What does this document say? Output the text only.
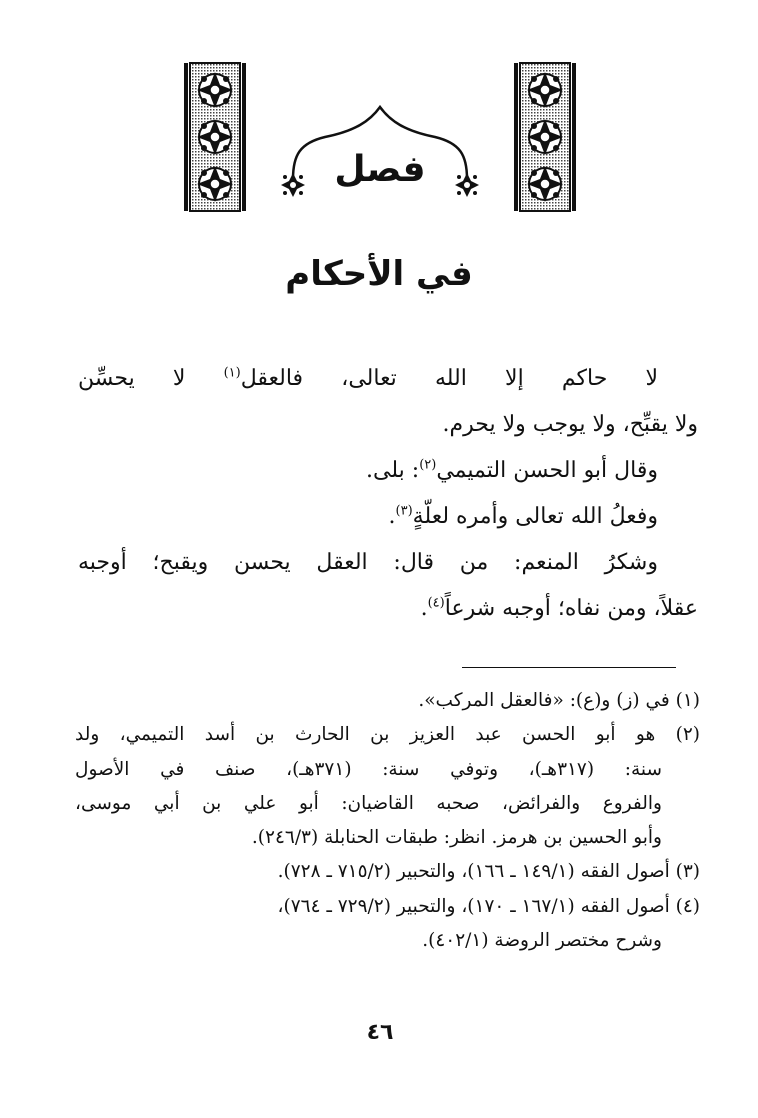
فصل
في الأحكام
لا حاكم إلا الله تعالى، فالعقل$^{(١)}$ لا يحسِّن
ولا يقبِّح، ولا يوجب ولا يحرم.
وقال أبو الحسن التميمي$^{(٢)}$: بلى.
وفعلُ الله تعالى وأمره لعلّةٍ$^{(٣)}$.
وشكرُ المنعم: من قال: العقل يحسن ويقبح؛ أوجبه
عقلاً، ومن نفاه؛ أوجبه شرعاً$^{(٤)}$.
(١) في (ز) و(ع): «فالعقل المركب».
(٢) هو أبو الحسن عبد العزيز بن الحارث بن أسد التميمي، ولد
سنة: (٣١٧هـ)، وتوفي سنة: (٣٧١هـ)، صنف في الأصول
والفروع والفرائض، صحبه القاضيان: أبو علي بن أبي موسى،
وأبو الحسين بن هرمز. انظر: طبقات الحنابلة (٢٤٦/٣).
(٣) أصول الفقه (١٤٩/١ ـ ١٦٦)، والتحبير (٧١٥/٢ ـ ٧٢٨).
(٤) أصول الفقه (١٦٧/١ ـ ١٧٠)، والتحبير (٧٢٩/٢ ـ ٧٦٤)،
وشرح مختصر الروضة (٤٠٢/١).
٤٦
